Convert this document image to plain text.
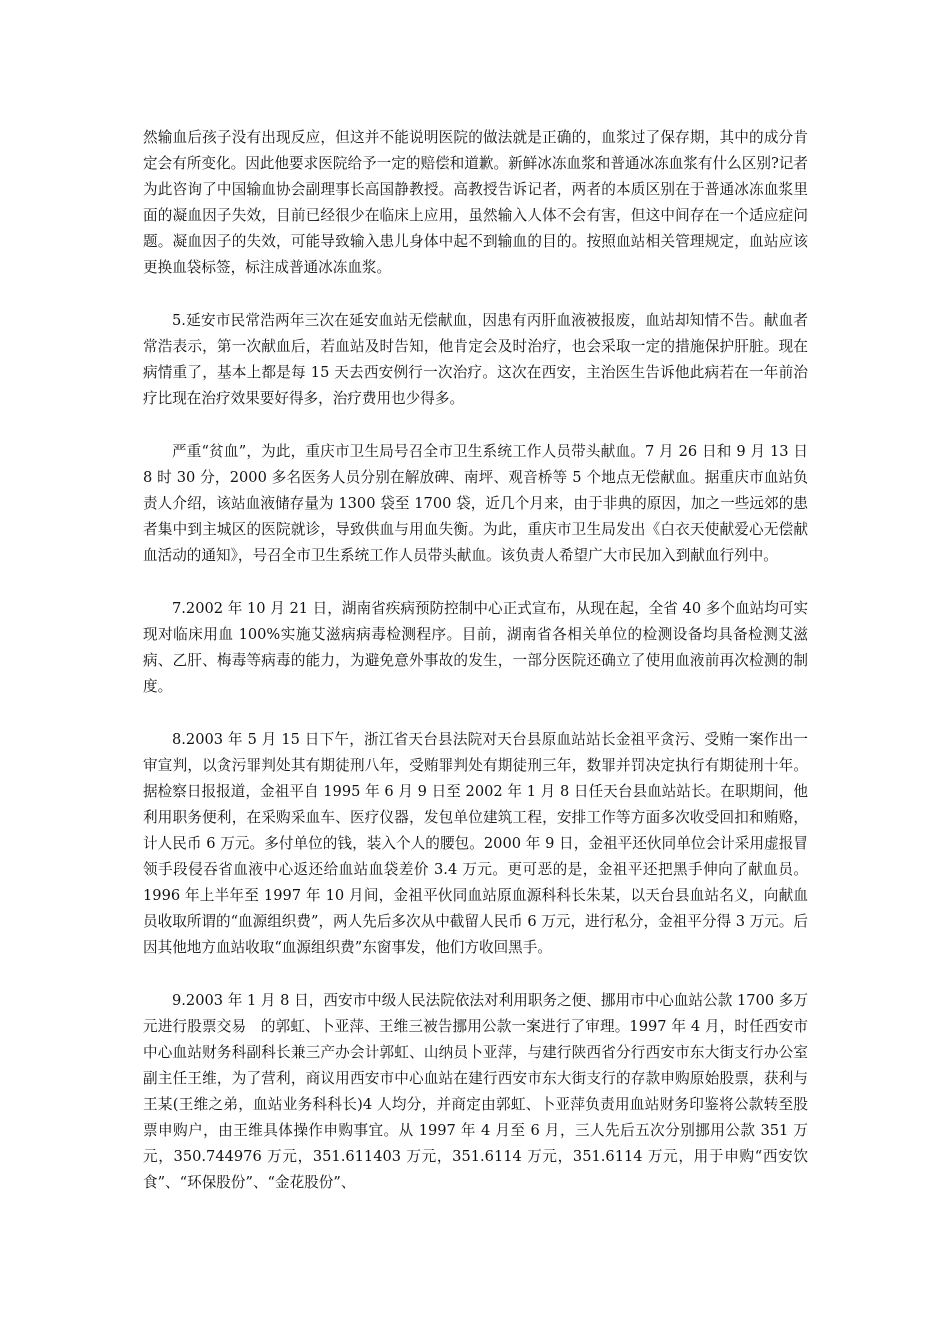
然输血后孩子没有出现反应，但这并不能说明医院的做法就是正确的，血浆过了保存期，其中的成分肯定会有所变化。因此他要求医院给予一定的赔偿和道歉。新鲜冰冻血浆和普通冰冻血浆有什么区别?记者为此咨询了中国输血协会副理事长高国静教授。高教授告诉记者，两者的本质区别在于普通冰冻血浆里面的凝血因子失效，目前已经很少在临床上应用，虽然输入人体不会有害，但这中间存在一个适应症问题。凝血因子的失效，可能导致输入患儿身体中起不到输血的目的。按照血站相关管理规定，血站应该更换血袋标签，标注成普通冰冻血浆。

5.延安市民常浩两年三次在延安血站无偿献血，因患有丙肝血液被报废，血站却知情不告。献血者常浩表示，第一次献血后，若血站及时告知，他肯定会及时治疗，也会采取一定的措施保护肝脏。现在病情重了，基本上都是每 15 天去西安例行一次治疗。这次在西安，主治医生告诉他此病若在一年前治疗比现在治疗效果要好得多，治疗费用也少得多。

严重“贫血”，为此，重庆市卫生局号召全市卫生系统工作人员带头献血。7 月 26 日和 9 月 13 日 8 时 30 分，2000 多名医务人员分别在解放碑、南坪、观音桥等 5 个地点无偿献血。据重庆市血站负责人介绍，该站血液储存量为 1300 袋至 1700 袋，近几个月来，由于非典的原因，加之一些远郊的患者集中到主城区的医院就诊，导致供血与用血失衡。为此，重庆市卫生局发出《白衣天使献爱心无偿献血活动的通知》，号召全市卫生系统工作人员带头献血。该负责人希望广大市民加入到献血行列中。

7.2002 年 10 月 21 日，湖南省疾病预防控制中心正式宣布，从现在起，全省 40 多个血站均可实现对临床用血 100%实施艾滋病病毒检测程序。目前，湖南省各相关单位的检测设备均具备检测艾滋病、乙肝、梅毒等病毒的能力，为避免意外事故的发生，一部分医院还确立了使用血液前再次检测的制度。

8.2003 年 5 月 15 日下午，浙江省天台县法院对天台县原血站站长金祖平贪污、受贿一案作出一审宣判，以贪污罪判处其有期徒刑八年，受贿罪判处有期徒刑三年，数罪并罚决定执行有期徒刑十年。据检察日报报道，金祖平自 1995 年 6 月 9 日至 2002 年 1 月 8 日任天台县血站站长。在职期间，他利用职务便利，在采购采血车、医疗仪器，发包单位建筑工程，安排工作等方面多次收受回扣和贿赂，计人民币 6 万元。多付单位的钱，装入个人的腰包。2000 年 9 日，金祖平还伙同单位会计采用虚报冒领手段侵吞省血液中心返还给血站血袋差价 3.4 万元。更可恶的是，金祖平还把黑手伸向了献血员。1996 年上半年至 1997 年 10 月间，金祖平伙同血站原血源科科长朱某，以天台县血站名义，向献血员收取所谓的“血源组织费”，两人先后多次从中截留人民币 6 万元，进行私分，金祖平分得 3 万元。后因其他地方血站收取“血源组织费”东窗事发，他们方收回黑手。

9.2003 年 1 月 8 日，西安市中级人民法院依法对利用职务之便、挪用市中心血站公款 1700 多万元进行股票交易　的郭虹、卜亚萍、王维三被告挪用公款一案进行了审理。1997 年 4 月，时任西安市中心血站财务科副科长兼三产办会计郭虹、山纳员卜亚萍，与建行陕西省分行西安市东大街支行办公室副主任王维，为了营利，商议用西安市中心血站在建行西安市东大街支行的存款申购原始股票，获利与王某(王维之弟，血站业务科科长)4 人均分，并商定由郭虹、卜亚萍负责用血站财务印鉴将公款转至股票申购户，由王维具体操作申购事宜。从 1997 年 4 月至 6 月，三人先后五次分别挪用公款 351 万元，350.744976 万元，351.611403 万元，351.6114 万元，351.6114 万元，用于申购“西安饮食”、“环保股份”、“金花股份”、
